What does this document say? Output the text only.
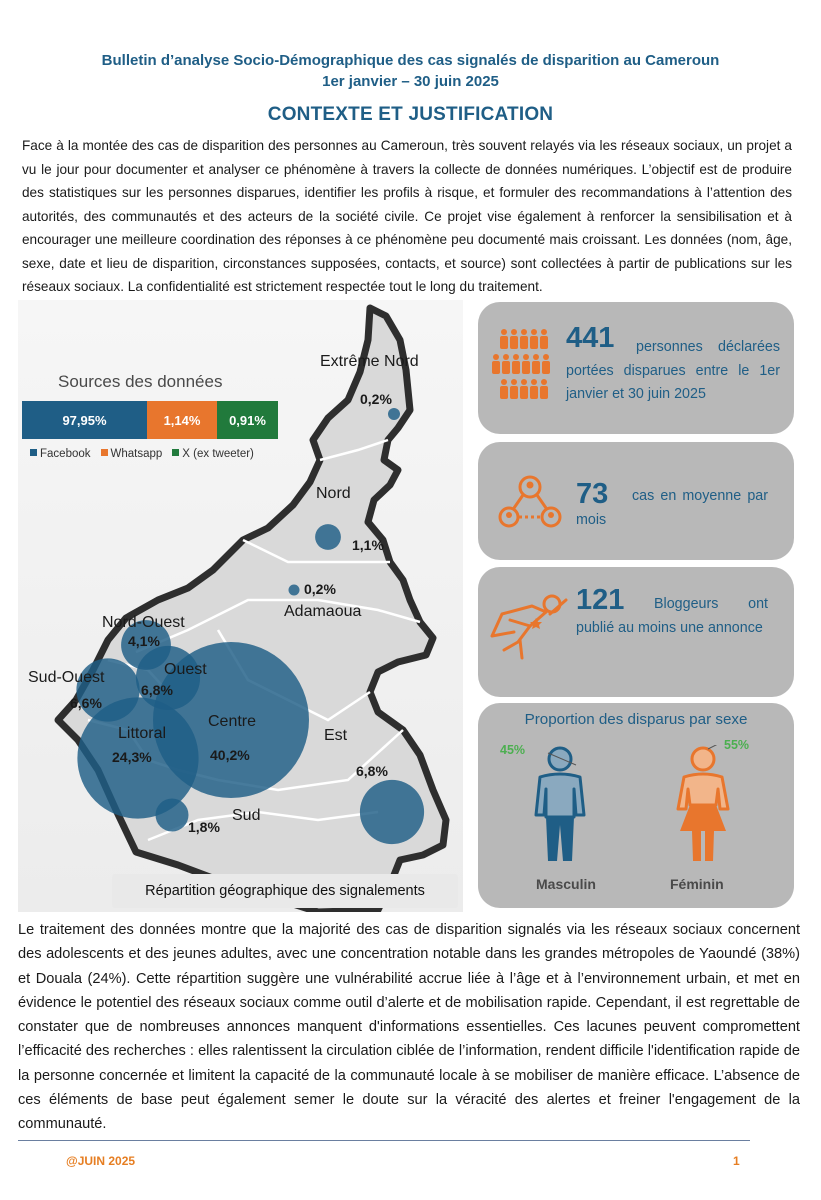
Bulletin d’analyse Socio-Démographique des cas signalés de disparition au Cameroun
1er janvier – 30 juin 2025
CONTEXTE ET JUSTIFICATION

Face à la montée des cas de disparition des personnes au Cameroun, très souvent relayés via les réseaux sociaux, un projet a vu le jour pour documenter et analyser ce phénomène à travers la collecte de données numériques. L’objectif est de produire des statistiques sur les personnes disparues, identifier les profils à risque, et formuler des recommandations à l’attention des autorités, des communautés et des acteurs de la société civile. Ce projet vise également à renforcer la sensibilisation et à encourager une meilleure coordination des réponses à ce phénomène peu documenté mais croissant. Les données (nom, âge, sexe, date et lieu de disparition, circonstances supposées, contacts, et source) sont collectées à partir de publications sur les réseaux sociaux. La confidentialité est strictement respectée tout le long du traitement.

Extrême Nord
0,2%
Nord
1,1%
0,2%
Adamaoua
Nord-Ouest
4,1%
Sud-Ouest
6,6%
Ouest
6,8%
Littoral
24,3%
Centre
40,2%
Est
6,8%
Sud
1,8%
Répartition géographique des signalements
Sources des données
97,95%	1,14%	0,91%
Facebook	Whatsapp	X (ex tweeter)
441	personnes déclarées portées disparues entre le 1er janvier et 30 juin 2025
73	cas en moyenne par mois
121	Bloggeurs ont publié au moins une annonce
Proportion des disparus par sexe
45%	55%
Masculin	Féminin

Le traitement des données montre que la majorité des cas de disparition signalés via les réseaux sociaux concernent des adolescents et des jeunes adultes, avec une concentration notable dans les grandes métropoles de Yaoundé (38%) et Douala (24%). Cette répartition suggère une vulnérabilité accrue liée à l’âge et à l’environnement urbain, et met en évidence le potentiel des réseaux sociaux comme outil d’alerte et de mobilisation rapide. Cependant, il est regrettable de constater que de nombreuses annonces manquent d'informations essentielles. Ces lacunes peuvent compromettent l’efficacité des recherches : elles ralentissent la circulation ciblée de l’information, rendent difficile l'identification rapide de la personne concernée et limitent la capacité de la communauté locale à se mobiliser de manière efficace. L’absence de ces éléments de base peut également semer le doute sur la véracité des alertes et freiner l'engagement de la communauté.

@JUIN 2025	1
